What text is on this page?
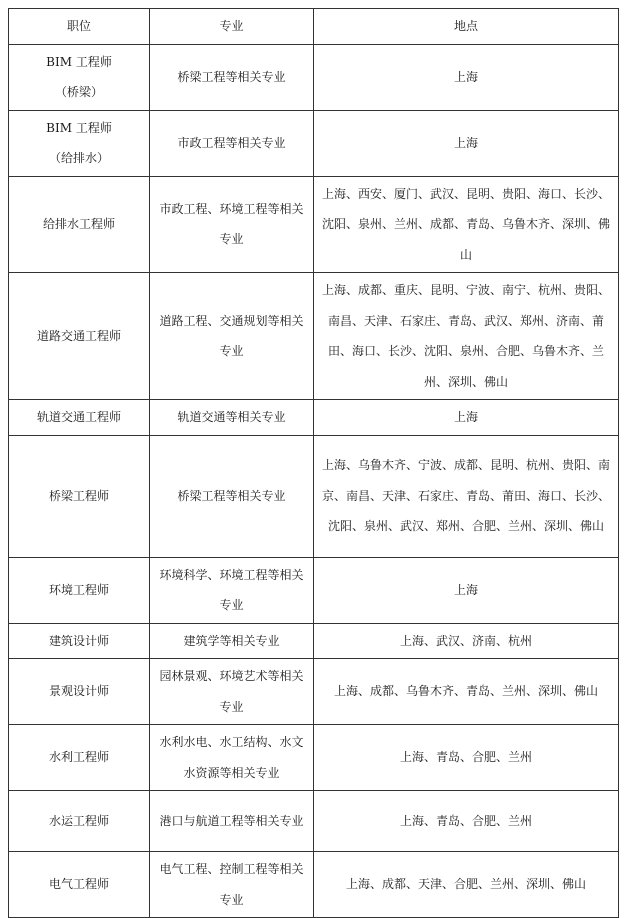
职位	专业	地点
BIM 工程师
（桥梁）	桥梁工程等相关专业	上海
BIM 工程师
（给排水）	市政工程等相关专业	上海
给排水工程师	市政工程、环境工程等相关专业	上海、西安、厦门、武汉、昆明、贵阳、海口、长沙、沈阳、泉州、兰州、成都、青岛、乌鲁木齐、深圳、佛山
道路交通工程师	道路工程、交通规划等相关专业	上海、成都、重庆、昆明、宁波、南宁、杭州、贵阳、南昌、天津、石家庄、青岛、武汉、郑州、济南、莆田、海口、长沙、沈阳、泉州、合肥、乌鲁木齐、兰州、深圳、佛山
轨道交通工程师	轨道交通等相关专业	上海
桥梁工程师	桥梁工程等相关专业	上海、乌鲁木齐、宁波、成都、昆明、杭州、贵阳、南京、南昌、天津、石家庄、青岛、莆田、海口、长沙、沈阳、泉州、武汉、郑州、合肥、兰州、深圳、佛山
环境工程师	环境科学、环境工程等相关专业	上海
建筑设计师	建筑学等相关专业	上海、武汉、济南、杭州
景观设计师	园林景观、环境艺术等相关专业	上海、成都、乌鲁木齐、青岛、兰州、深圳、佛山
水利工程师	水利水电、水工结构、水文水资源等相关专业	上海、青岛、合肥、兰州
水运工程师	港口与航道工程等相关专业	上海、青岛、合肥、兰州
电气工程师	电气工程、控制工程等相关专业	上海、成都、天津、合肥、兰州、深圳、佛山
